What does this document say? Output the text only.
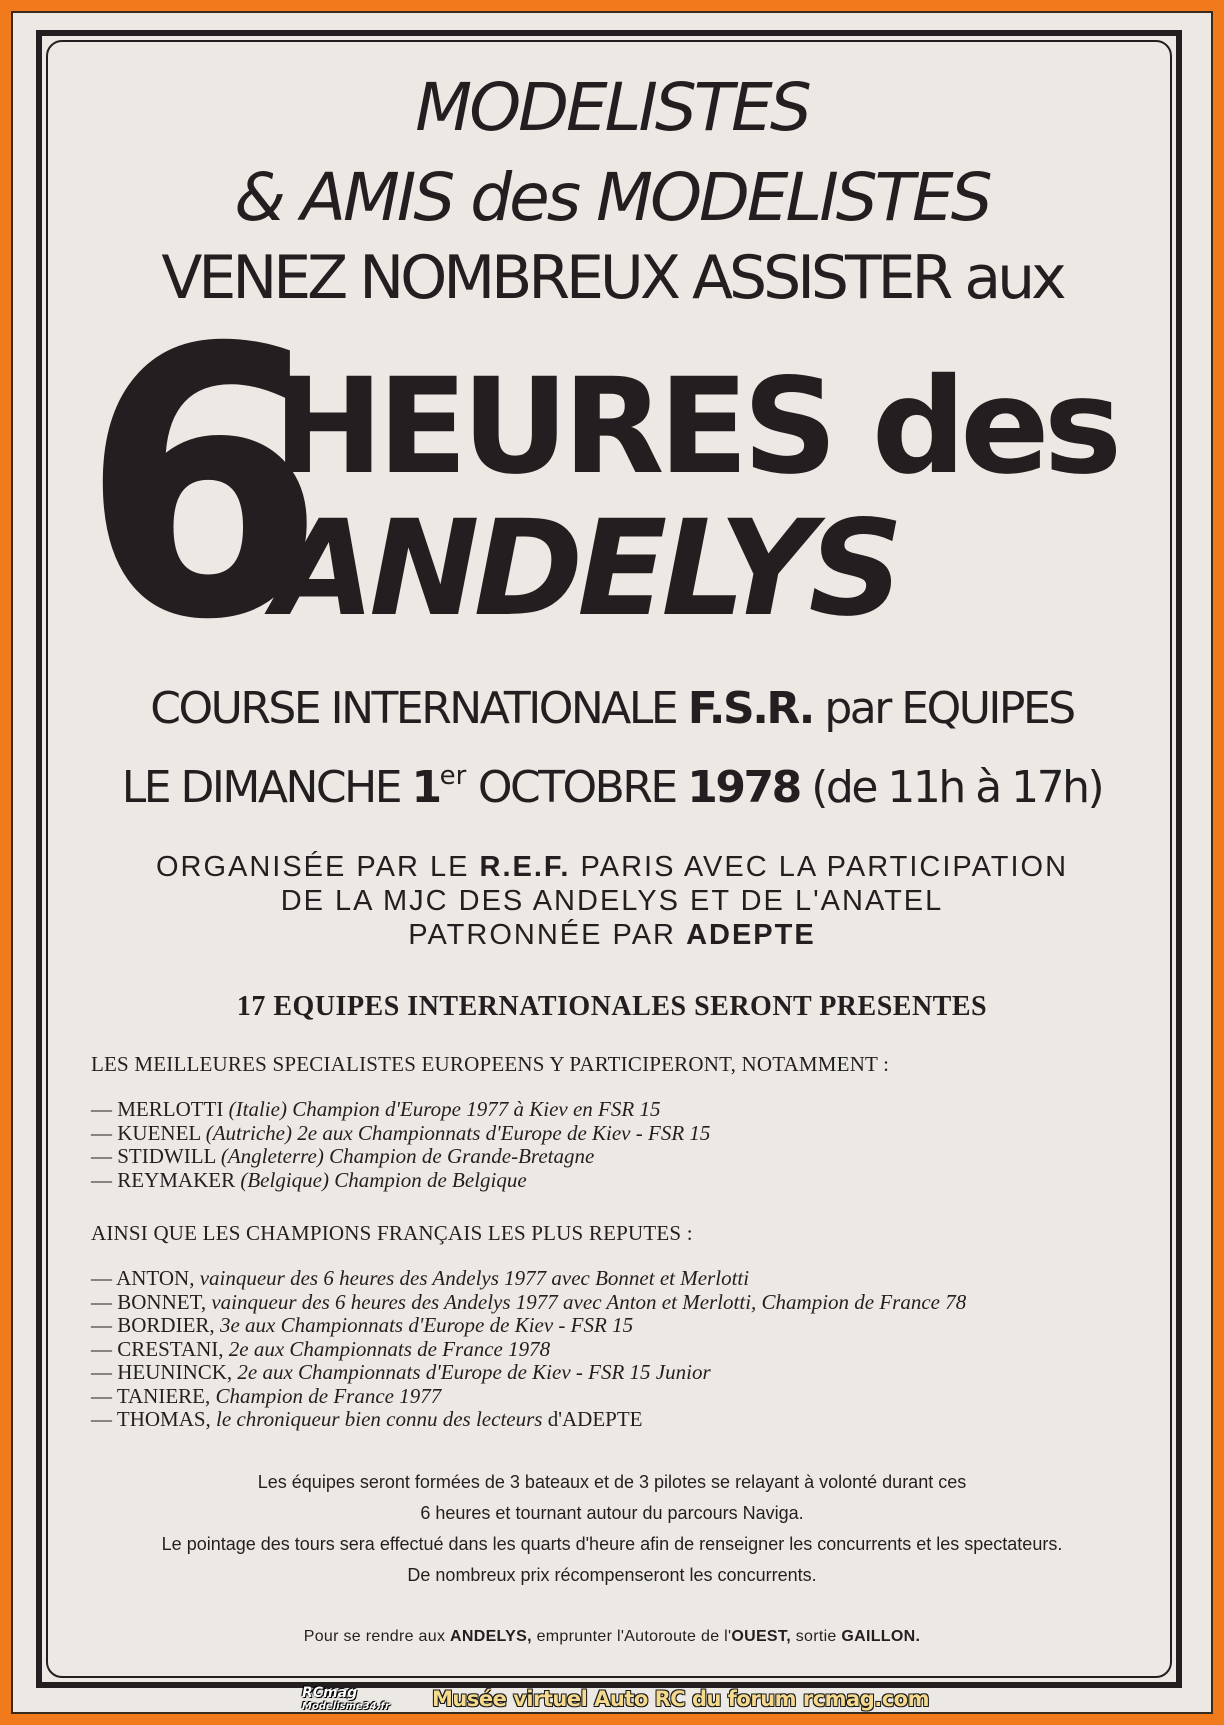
MODELISTES
& AMIS des MODELISTES
VENEZ NOMBREUX ASSISTER aux
6
HEURES des
ANDELYS
COURSE INTERNATIONALE F.S.R. par EQUIPES
LE DIMANCHE 1er OCTOBRE 1978 (de 11h à 17h)
ORGANISÉE PAR LE R.E.F. PARIS AVEC LA PARTICIPATION
DE LA MJC DES ANDELYS ET DE L'ANATEL
PATRONNÉE PAR ADEPTE
17 EQUIPES INTERNATIONALES SERONT PRESENTES
LES MEILLEURES SPECIALISTES EUROPEENS Y PARTICIPERONT, NOTAMMENT :
— MERLOTTI (Italie) Champion d'Europe 1977 à Kiev en FSR 15
— KUENEL (Autriche) 2e aux Championnats d'Europe de Kiev - FSR 15
— STIDWILL (Angleterre) Champion de Grande-Bretagne
— REYMAKER (Belgique) Champion de Belgique
AINSI QUE LES CHAMPIONS FRANÇAIS LES PLUS REPUTES :
— ANTON, vainqueur des 6 heures des Andelys 1977 avec Bonnet et Merlotti
— BONNET, vainqueur des 6 heures des Andelys 1977 avec Anton et Merlotti, Champion de France 78
— BORDIER, 3e aux Championnats d'Europe de Kiev - FSR 15
— CRESTANI, 2e aux Championnats de France 1978
— HEUNINCK, 2e aux Championnats d'Europe de Kiev - FSR 15 Junior
— TANIERE, Champion de France 1977
— THOMAS, le chroniqueur bien connu des lecteurs d'ADEPTE
Les équipes seront formées de 3 bateaux et de 3 pilotes se relayant à volonté durant ces
6 heures et tournant autour du parcours Naviga.
Le pointage des tours sera effectué dans les quarts d'heure afin de renseigner les concurrents et les spectateurs.
De nombreux prix récompenseront les concurrents.
Pour se rendre aux ANDELYS, emprunter l'Autoroute de l'OUEST, sortie GAILLON.
RCmag
Modelisme34.fr	Musée virtuel Auto RC du forum rcmag.com
